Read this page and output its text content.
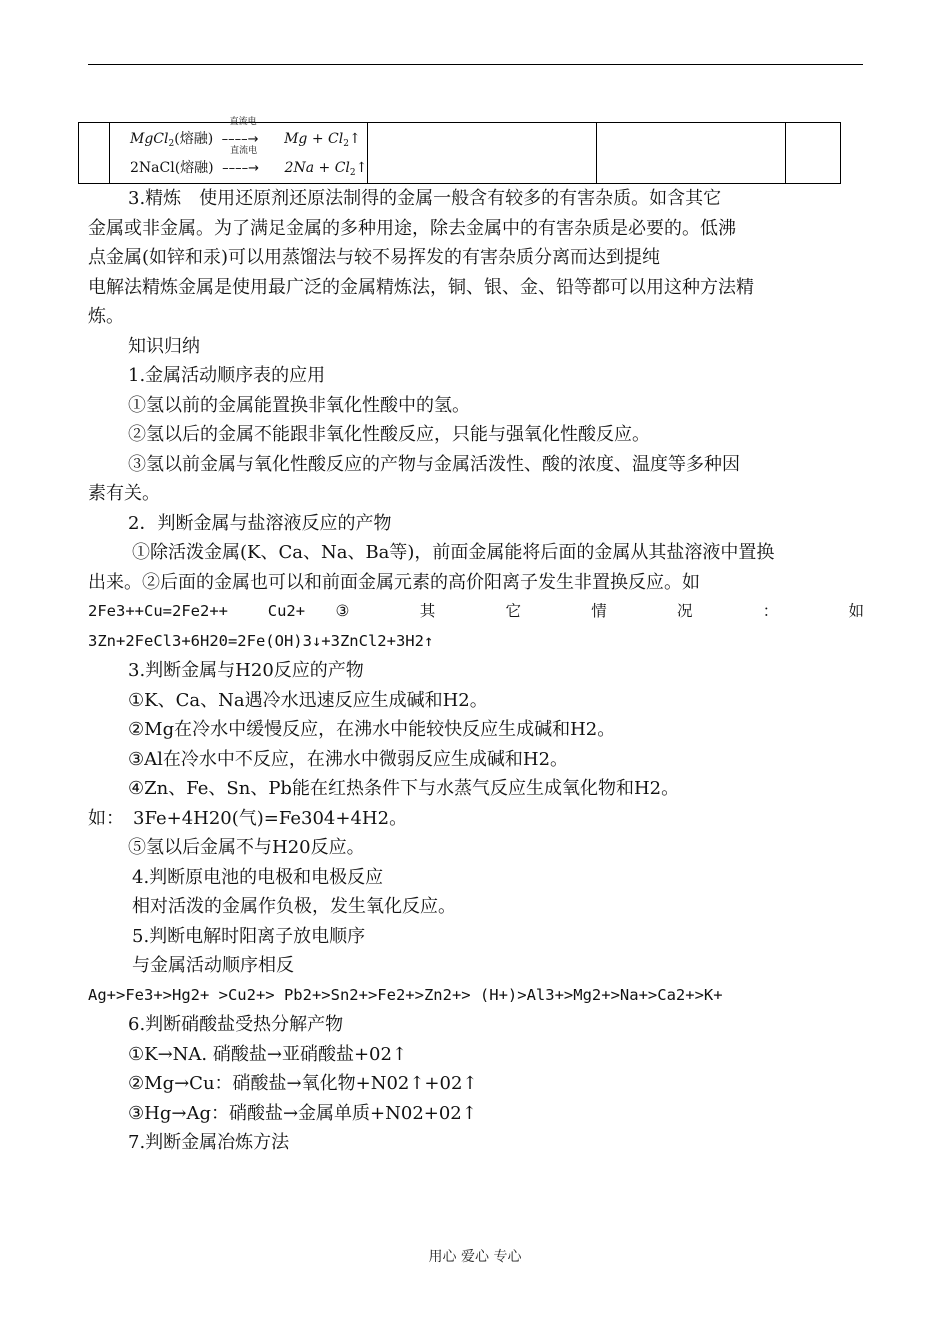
MgCl$_2$(熔融)
直流电
––––→ $Mg + Cl_2↑$
2NaCl(熔融)
直流电
––––→ $2Na + Cl_2↑$

3.精炼　使用还原剂还原法制得的金属一般含有较多的有害杂质。如含其它
金属或非金属。为了满足金属的多种用途，除去金属中的有害杂质是必要的。低沸
点金属(如锌和汞)可以用蒸馏法与较不易挥发的有害杂质分离而达到提纯
电解法精炼金属是使用最广泛的金属精炼法，铜、银、金、铅等都可以用这种方法精
炼。
知识归纳
1.金属活动顺序表的应用
①氢以前的金属能置换非氧化性酸中的氢。
②氢以后的金属不能跟非氧化性酸反应，只能与强氧化性酸反应。
③氢以前金属与氧化性酸反应的产物与金属活泼性、酸的浓度、温度等多种因
素有关。
2．判断金属与盐溶液反应的产物
①除活泼金属(K、Ca、Na、Ba等)，前面金属能将后面的金属从其盐溶液中置换
出来。②后面的金属也可以和前面金属元素的高价阳离子发生非置换反应。如
2Fe3++Cu=2Fe2++ Cu2+③ 其 它 情 况 ： 如
3Zn+2FeCl3+6H20=2Fe(OH)3↓+3ZnCl2+3H2↑
3.判断金属与H20反应的产物
①K、Ca、Na遇冷水迅速反应生成碱和H2。
②Mg在冷水中缓慢反应，在沸水中能较快反应生成碱和H2。
③Al在冷水中不反应，在沸水中微弱反应生成碱和H2。
④Zn、Fe、Sn、Pb能在红热条件下与水蒸气反应生成氧化物和H2。
如：　3Fe+4H20(气)=Fe304+4H2。
⑤氢以后金属不与H20反应。
4.判断原电池的电极和电极反应
相对活泼的金属作负极，发生氧化反应。
5.判断电解时阳离子放电顺序
与金属活动顺序相反
Ag+>Fe3+>Hg2+ >Cu2+> Pb2+>Sn2+>Fe2+>Zn2+> (H+)>Al3+>Mg2+>Na+>Ca2+>K+
6.判断硝酸盐受热分解产物
①K→NA. 硝酸盐→亚硝酸盐+02↑
②Mg→Cu：硝酸盐→氧化物+N02↑+02↑
③Hg→Ag：硝酸盐→金属单质+N02+02↑
7.判断金属冶炼方法
用心 爱心 专心
